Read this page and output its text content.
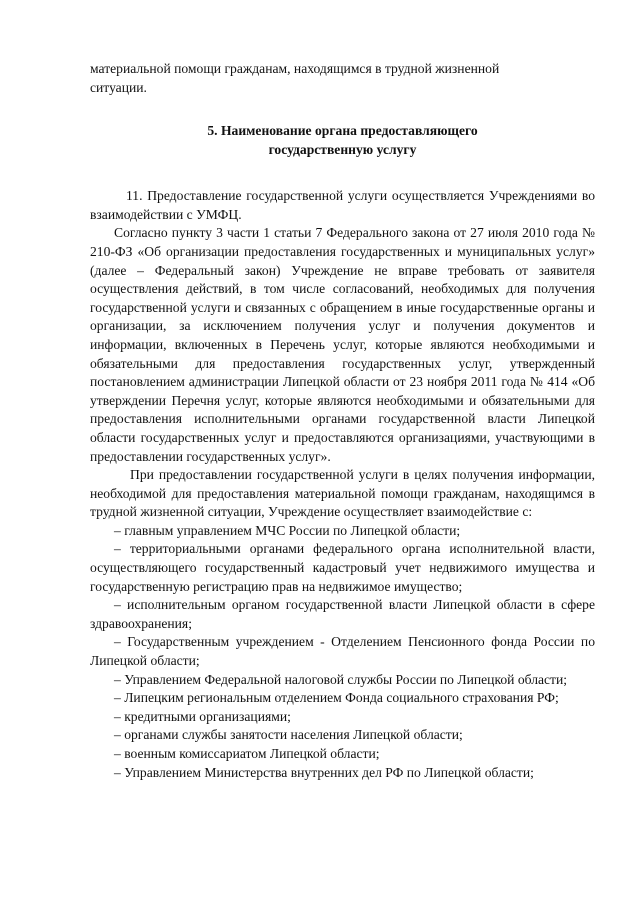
материальной помощи гражданам, находящимся в трудной жизненной
ситуации.

5. Наименование органа предоставляющего
государственную услугу

11. Предоставление государственной услуги осуществляется Учреждениями во взаимодействии с УМФЦ.

Согласно пункту 3 части 1 статьи 7 Федерального закона от 27 июля 2010 года № 210-ФЗ «Об организации предоставления государственных и муниципальных услуг» (далее – Федеральный закон) Учреждение не вправе требовать от заявителя осуществления действий, в том числе согласований, необходимых для получения государственной услуги и связанных с обращением в иные государственные органы и организации, за исключением получения услуг и получения документов и информации, включенных в Перечень услуг, которые являются необходимыми и обязательными для предоставления государственных услуг, утвержденный постановлением администрации Липецкой области от 23 ноября 2011 года № 414 «Об утверждении Перечня услуг, которые являются необходимыми и обязательными для предоставления исполнительными органами государственной власти Липецкой области государственных услуг и предоставляются организациями, участвующими в предоставлении государственных услуг».

При предоставлении государственной услуги в целях получения информации, необходимой для предоставления материальной помощи гражданам, находящимся в трудной жизненной ситуации, Учреждение осуществляет взаимодействие с:

– главным управлением МЧС России по Липецкой области;

– территориальными органами федерального органа исполнительной власти, осуществляющего государственный кадастровый учет недвижимого имущества и государственную регистрацию прав на недвижимое имущество;

– исполнительным органом государственной власти Липецкой области в сфере здравоохранения;

– Государственным учреждением - Отделением Пенсионного фонда России по Липецкой области;

– Управлением Федеральной налоговой службы России по Липецкой области;

– Липецким региональным отделением Фонда социального страхования РФ;

– кредитными организациями;

– органами службы занятости населения Липецкой области;

– военным комиссариатом Липецкой области;

– Управлением Министерства внутренних дел РФ по Липецкой области;
